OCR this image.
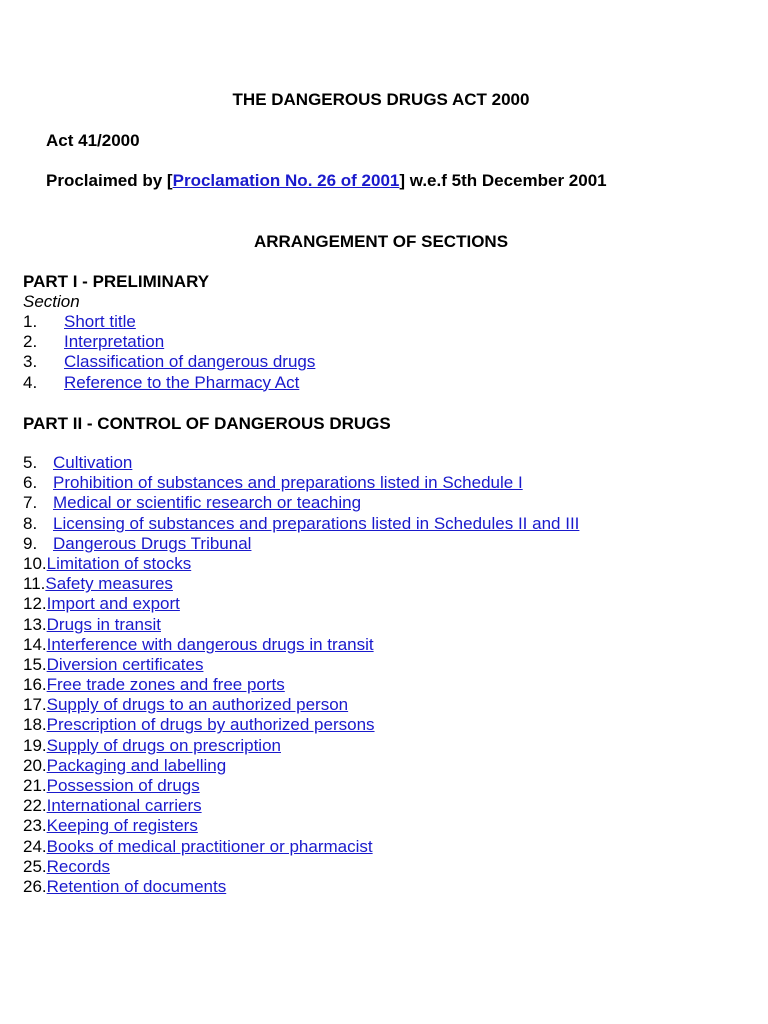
THE DANGEROUS DRUGS ACT 2000
Act 41/2000
Proclaimed by [Proclamation No. 26 of 2001] w.e.f 5th December 2001
ARRANGEMENT OF SECTIONS
PART I - PRELIMINARY
Section
1.	Short title
2.	Interpretation
3.	Classification of dangerous drugs
4.	Reference to the Pharmacy Act
PART II - CONTROL OF DANGEROUS DRUGS
5. Cultivation
6. Prohibition of substances and preparations listed in Schedule I
7. Medical or scientific research or teaching
8. Licensing of substances and preparations listed in Schedules II and III
9. Dangerous Drugs Tribunal
10. Limitation of stocks
11. Safety measures
12. Import and export
13. Drugs in transit
14. Interference with dangerous drugs in transit
15. Diversion certificates
16. Free trade zones and free ports
17. Supply of drugs to an authorized person
18. Prescription of drugs by authorized persons
19. Supply of drugs on prescription
20. Packaging and labelling
21. Possession of drugs
22. International carriers
23. Keeping of registers
24. Books of medical practitioner or pharmacist
25. Records
26. Retention of documents
